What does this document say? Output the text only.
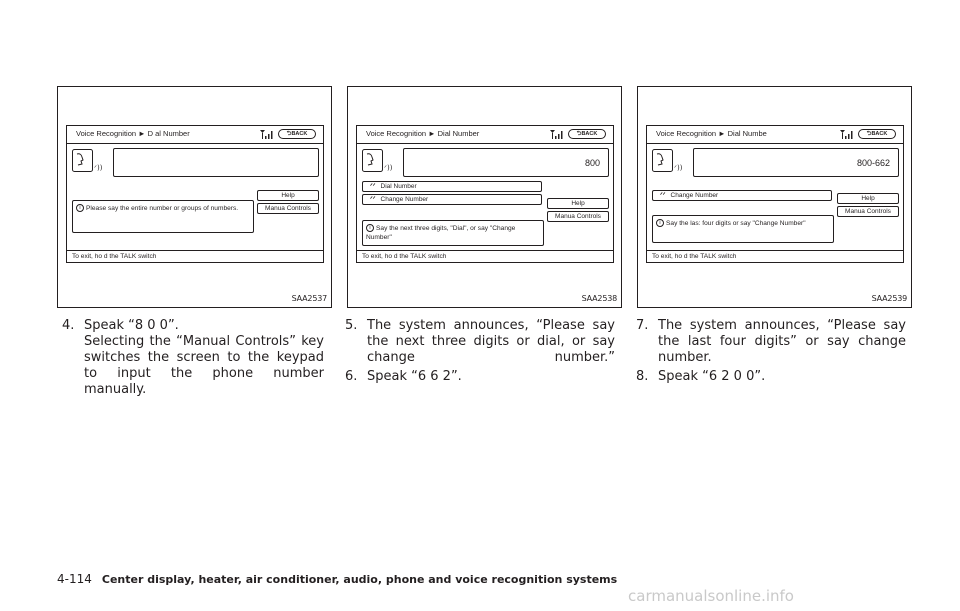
Voice Recognition ► D al Number	⮌BACK
ᐟ))
Help
Manua Controls
i Please say the entire number or groups of numbers.
To exit, ho d the TALK switch
SAA2537
Voice Recognition ► Dial Number	⮌BACK
ᐟ))	800
ᐟᐟ Dial Number
ᐟᐟ Change Number
Help
Manua Controls
i Say the next three digits, "Dial", or say "Change Number"
To exit, ho d the TALK switch
SAA2538
Voice Recognition ► Dial Numbe	⮌BACK
ᐟ))	800-662
ᐟᐟ Change Number	Help
Manua Controls
i Say the las: four digits or say "Change Number"
To exit, ho d the TALK switch
SAA2539
4. Speak “8 0 0”.
Selecting the “Manual Controls” key switches the screen to the keypad to input the phone number manually.
5. The system announces, “Please say the next three digits or dial, or say change number.”
6. Speak “6 6 2”.
7. The system announces, “Please say the last four digits” or say change number.
8. Speak “6 2 0 0”.
4-114 Center display, heater, air conditioner, audio, phone and voice recognition systems
carmanualsonline.info
